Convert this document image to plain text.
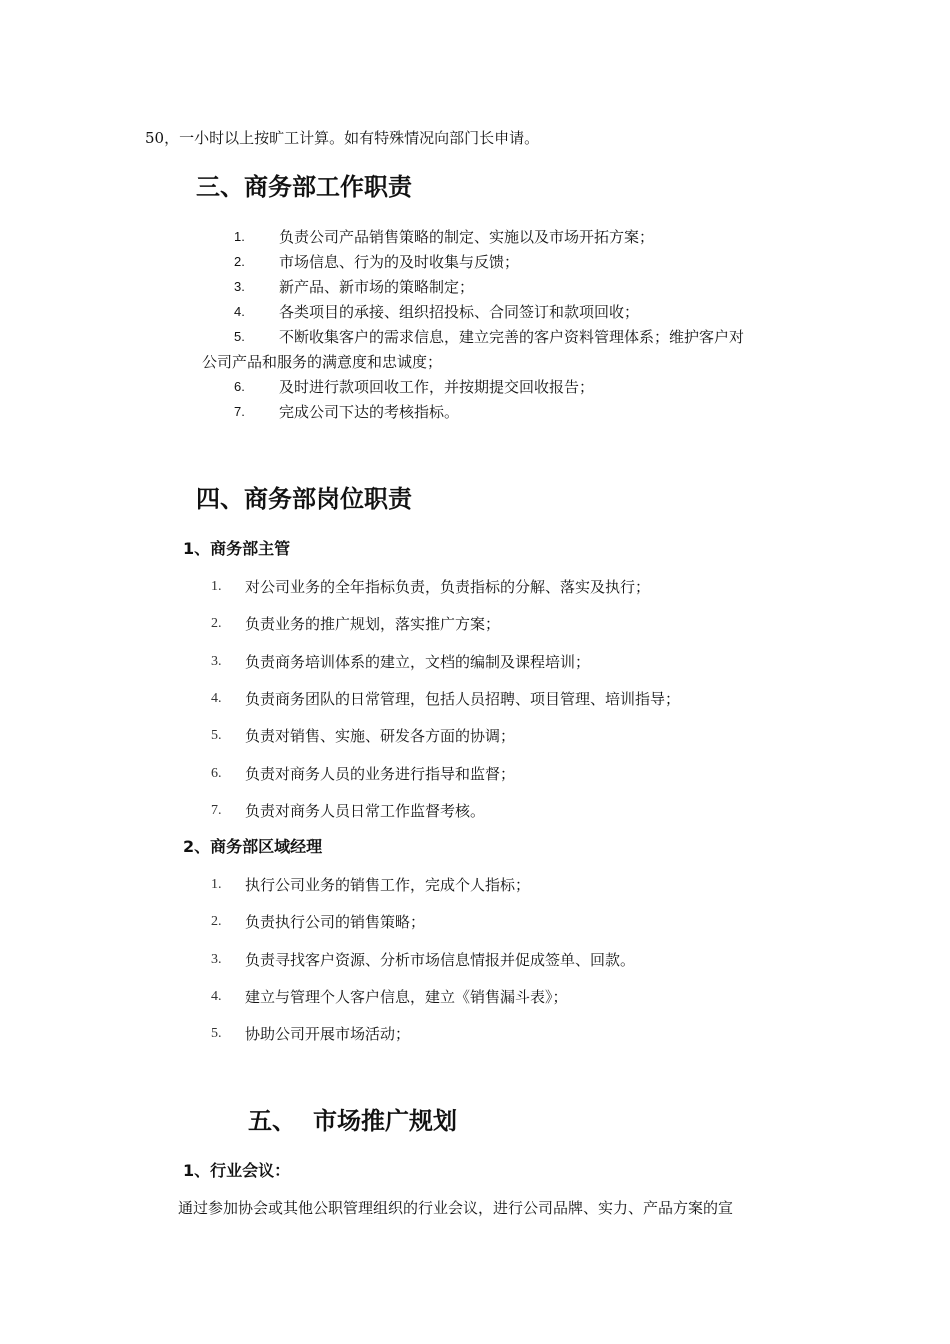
50，一小时以上按旷工计算。如有特殊情况向部门长申请。
三、商务部工作职责
1. 负责公司产品销售策略的制定、实施以及市场开拓方案；
2. 市场信息、行为的及时收集与反馈；
3. 新产品、新市场的策略制定；
4. 各类项目的承接、组织招投标、合同签订和款项回收；
5. 不断收集客户的需求信息，建立完善的客户资料管理体系；维护客户对
公司产品和服务的满意度和忠诚度；
6. 及时进行款项回收工作，并按期提交回收报告；
7. 完成公司下达的考核指标。
四、商务部岗位职责
1、商务部主管
1. 对公司业务的全年指标负责，负责指标的分解、落实及执行；
2. 负责业务的推广规划，落实推广方案；
3. 负责商务培训体系的建立，文档的编制及课程培训；
4. 负责商务团队的日常管理，包括人员招聘、项目管理、培训指导；
5. 负责对销售、实施、研发各方面的协调；
6. 负责对商务人员的业务进行指导和监督；
7. 负责对商务人员日常工作监督考核。
2、商务部区域经理
1. 执行公司业务的销售工作，完成个人指标；
2. 负责执行公司的销售策略；
3. 负责寻找客户资源、分析市场信息情报并促成签单、回款。
4. 建立与管理个人客户信息，建立《销售漏斗表》；
5. 协助公司开展市场活动；
五、 市场推广规划
1、行业会议：
通过参加协会或其他公职管理组织的行业会议，进行公司品牌、实力、产品方案的宣
